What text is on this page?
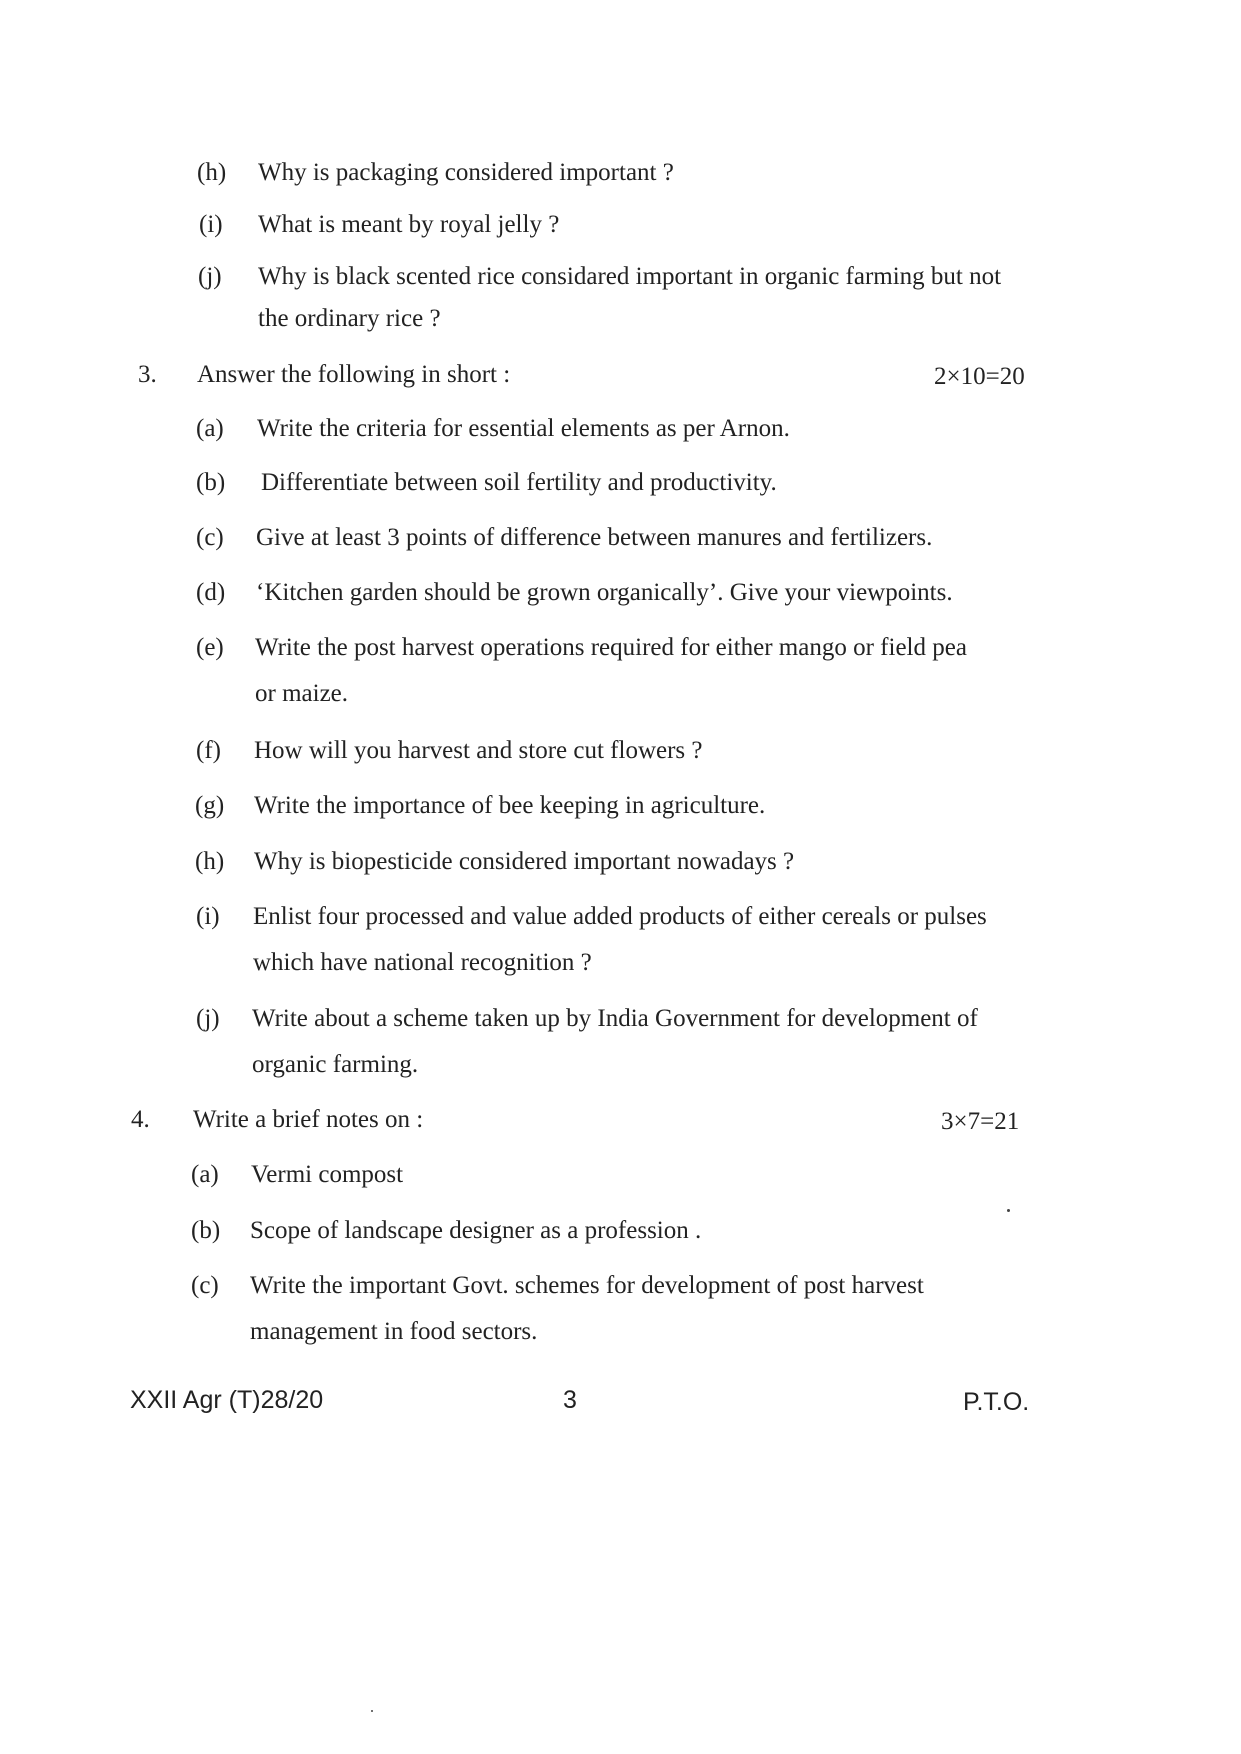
(h) Why is packaging considered important ?
(i) What is meant by royal jelly ?
(j) Why is black scented rice considared important in organic farming but not
the ordinary rice ?
3. Answer the following in short :	2×10=20
(a) Write the criteria for essential elements as per Arnon.
(b) Differentiate between soil fertility and productivity.
(c) Give at least 3 points of difference between manures and fertilizers.
(d) ‘Kitchen garden should be grown organically’. Give your viewpoints.
(e) Write the post harvest operations required for either mango or field pea
or maize.
(f) How will you harvest and store cut flowers ?
(g) Write the importance of bee keeping in agriculture.
(h) Why is biopesticide considered important nowadays ?
(i) Enlist four processed and value added products of either cereals or pulses
which have national recognition ?
(j) Write about a scheme taken up by India Government for development of
organic farming.
4. Write a brief notes on :	3×7=21
(a) Vermi compost
(b) Scope of landscape designer as a profession .
(c) Write the important Govt. schemes for development of post harvest
management in food sectors.
XXII Agr (T)28/20	3	P.T.O.
